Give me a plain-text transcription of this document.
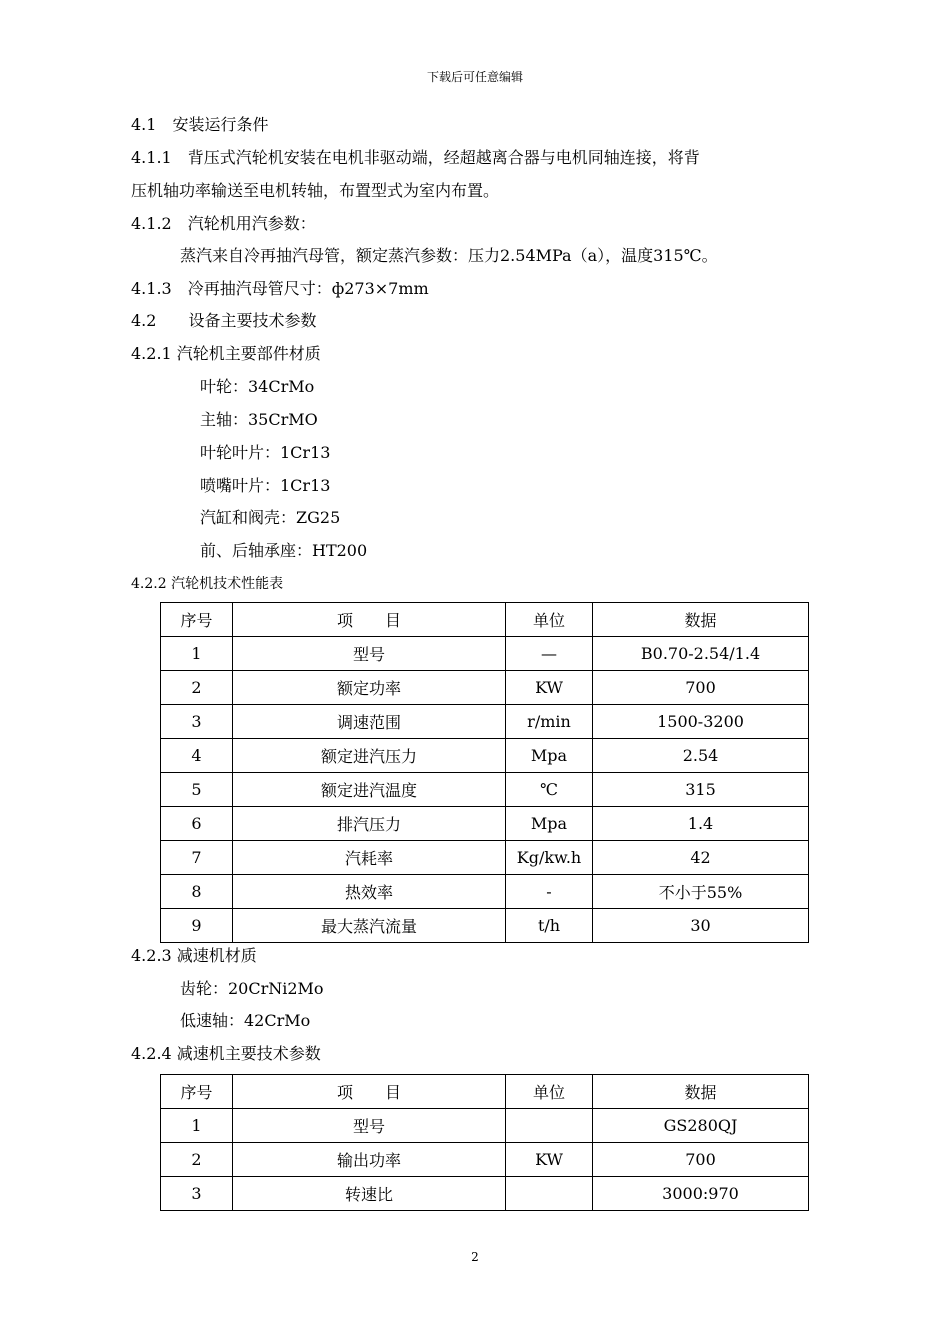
下载后可任意编辑
4.1　安装运行条件
4.1.1　背压式汽轮机安装在电机非驱动端，经超越离合器与电机同轴连接，将背
压机轴功率输送至电机转轴，布置型式为室内布置。
4.1.2　汽轮机用汽参数：
蒸汽来自冷再抽汽母管，额定蒸汽参数：压力2.54MPa（a），温度315℃。
4.1.3　冷再抽汽母管尺寸：ф273×7mm
4.2　　设备主要技术参数
4.2.1 汽轮机主要部件材质
叶轮：34CrMo
主轴：35CrMO
叶轮叶片：1Cr13
喷嘴叶片：1Cr13
汽缸和阀壳：ZG25
前、后轴承座：HT200
4.2.2 汽轮机技术性能表
序号	项　　目	单位	数据
1	型号	—	B0.70-2.54/1.4
2	额定功率	KW	700
3	调速范围	r/min	1500-3200
4	额定进汽压力	Mpa	2.54
5	额定进汽温度	℃	315
6	排汽压力	Mpa	1.4
7	汽耗率	Kg/kw.h	42
8	热效率	-	不小于55%
9	最大蒸汽流量	t/h	30
4.2.3 减速机材质
齿轮：20CrNi2Mo
低速轴：42CrMo
4.2.4 减速机主要技术参数
序号	项　　目	单位	数据
1	型号		GS280QJ
2	输出功率	KW	700
3	转速比		3000:970
2
